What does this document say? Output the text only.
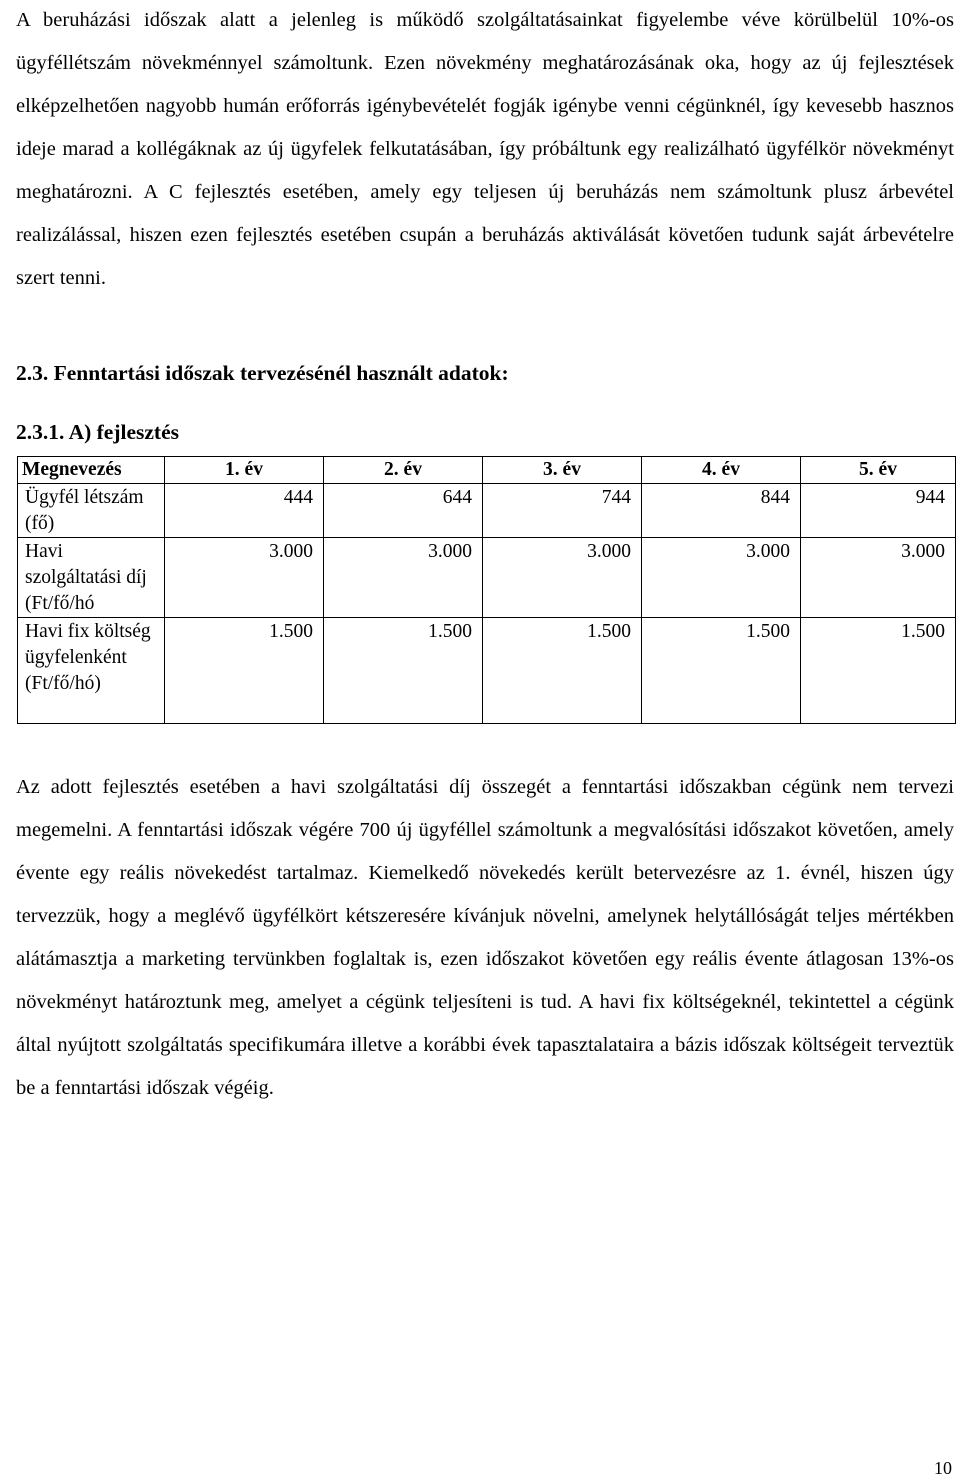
A beruházási időszak alatt a jelenleg is működő szolgáltatásainkat figyelembe véve körülbelül 10%-os ügyféllétszám növekménnyel számoltunk. Ezen növekmény meghatározásának oka, hogy az új fejlesztések elképzelhetően nagyobb humán erőforrás igénybevételét fogják igénybe venni cégünknél, így kevesebb hasznos ideje marad a kollégáknak az új ügyfelek felkutatásában, így próbáltunk egy realizálható ügyfélkör növekményt meghatározni. A C fejlesztés esetében, amely egy teljesen új beruházás nem számoltunk plusz árbevétel realizálással, hiszen ezen fejlesztés esetében csupán a beruházás aktiválását követően tudunk saját árbevételre szert tenni.

2.3. Fenntartási időszak tervezésénél használt adatok:
2.3.1. A) fejlesztés
Megnevezés	1. év	2. év	3. év	4. év	5. év
Ügyfél létszám (fő)	444	644	744	844	944
Havi szolgáltatási díj (Ft/fő/hó	3.000	3.000	3.000	3.000	3.000
Havi fix költség ügyfelenként (Ft/fő/hó)	1.500	1.500	1.500	1.500	1.500

Az adott fejlesztés esetében a havi szolgáltatási díj összegét a fenntartási időszakban cégünk nem tervezi megemelni. A fenntartási időszak végére 700 új ügyféllel számoltunk a megvalósítási időszakot követően, amely évente egy reális növekedést tartalmaz. Kiemelkedő növekedés került betervezésre az 1. évnél, hiszen úgy tervezzük, hogy a meglévő ügyfélkört kétszeresére kívánjuk növelni, amelynek helytállóságát teljes mértékben alátámasztja a marketing tervünkben foglaltak is, ezen időszakot követően egy reális évente átlagosan 13%-os növekményt határoztunk meg, amelyet a cégünk teljesíteni is tud. A havi fix költségeknél, tekintettel a cégünk által nyújtott szolgáltatás specifikumára illetve a korábbi évek tapasztalataira a bázis időszak költségeit terveztük be a fenntartási időszak végéig.

10
